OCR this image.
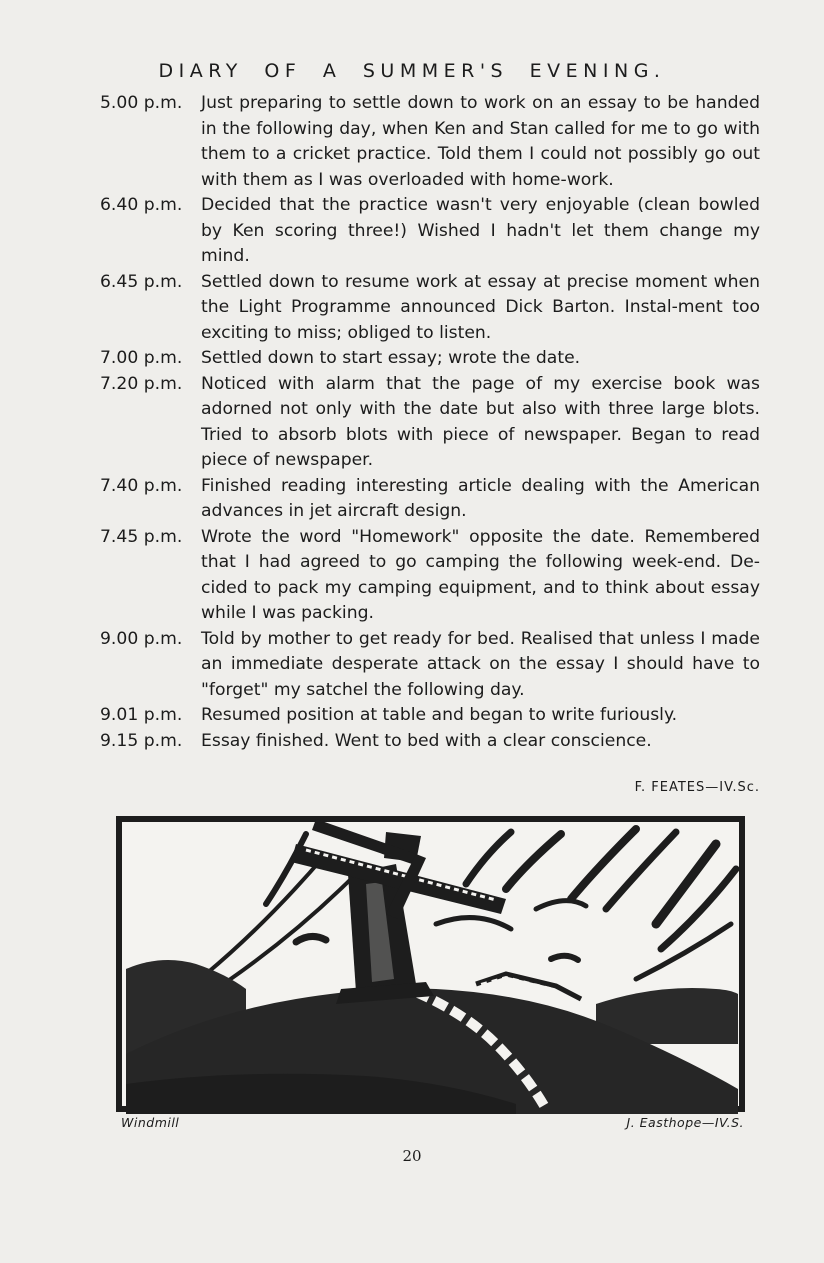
DIARY OF A SUMMER'S EVENING.
5.00 p.m.	Just preparing to settle down to work on an essay to be handed in the following day, when Ken and Stan called for me to go with them to a cricket practice. Told them I could not possibly go out with them as I was overloaded with home-work.
6.40 p.m.	Decided that the practice wasn't very enjoyable (clean bowled by Ken scoring three!) Wished I hadn't let them change my mind.
6.45 p.m.	Settled down to resume work at essay at precise moment when the Light Programme announced Dick Barton. Instal-ment too exciting to miss; obliged to listen.
7.00 p.m.	Settled down to start essay; wrote the date.
7.20 p.m.	Noticed with alarm that the page of my exercise book was adorned not only with the date but also with three large blots. Tried to absorb blots with piece of newspaper. Began to read piece of newspaper.
7.40 p.m.	Finished reading interesting article dealing with the American advances in jet aircraft design.
7.45 p.m.	Wrote the word "Homework" opposite the date. Remembered that I had agreed to go camping the following week-end. De-cided to pack my camping equipment, and to think about essay while I was packing.
9.00 p.m.	Told by mother to get ready for bed. Realised that unless I made an immediate desperate attack on the essay I should have to "forget" my satchel the following day.
9.01 p.m.	Resumed position at table and began to write furiously.
9.15 p.m.	Essay finished. Went to bed with a clear conscience.
F. FEATES—IV.Sc.
Windmill	J. Easthope—IV.S.
20
